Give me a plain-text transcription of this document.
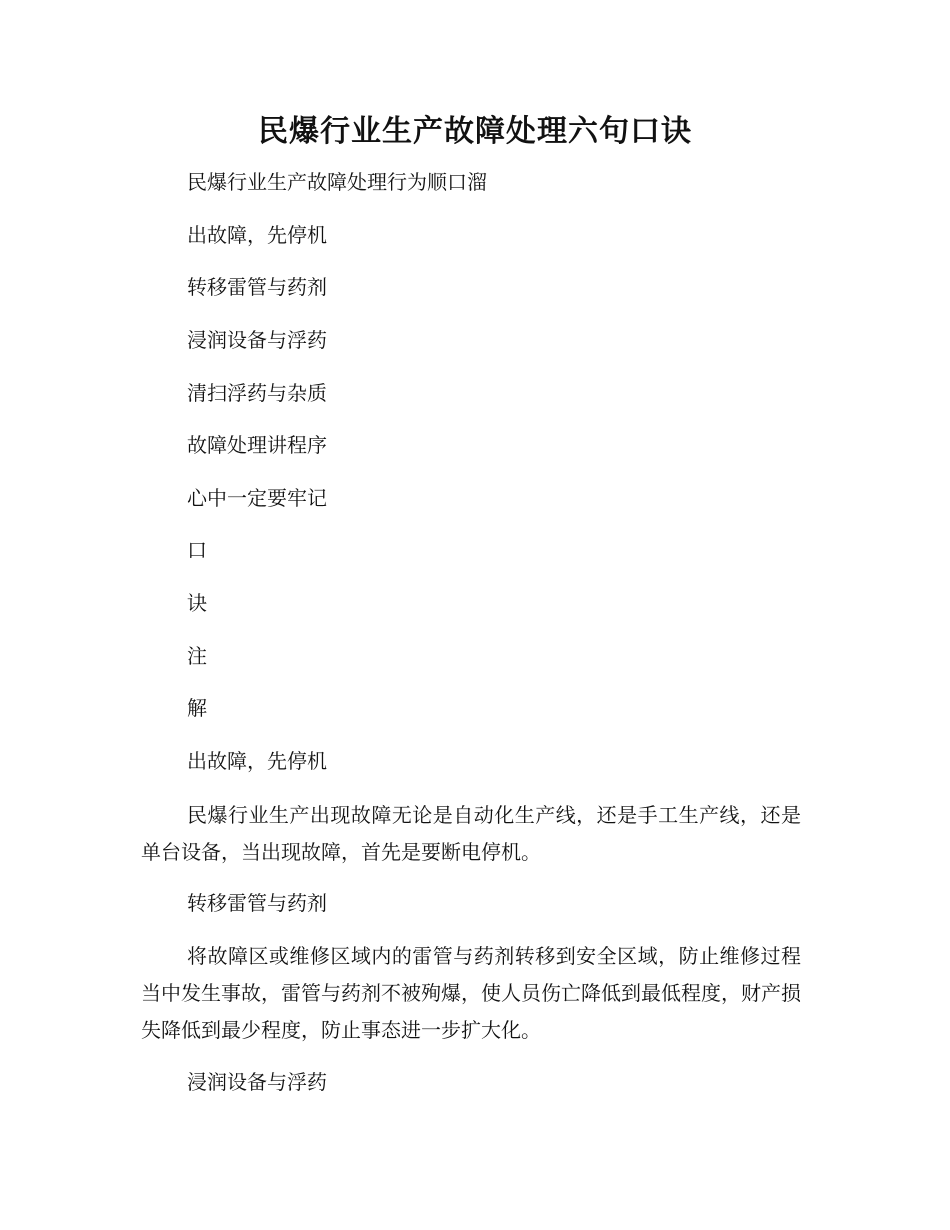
民爆行业生产故障处理六句口诀
民爆行业生产故障处理行为顺口溜
出故障，先停机
转移雷管与药剂
浸润设备与浮药
清扫浮药与杂质
故障处理讲程序
心中一定要牢记
口
诀
注
解
出故障，先停机
民爆行业生产出现故障无论是自动化生产线，还是手工生产线，还是单台设备，当出现故障，首先是要断电停机。
转移雷管与药剂
将故障区或维修区域内的雷管与药剂转移到安全区域，防止维修过程当中发生事故，雷管与药剂不被殉爆，使人员伤亡降低到最低程度，财产损失降低到最少程度，防止事态进一步扩大化。
浸润设备与浮药
